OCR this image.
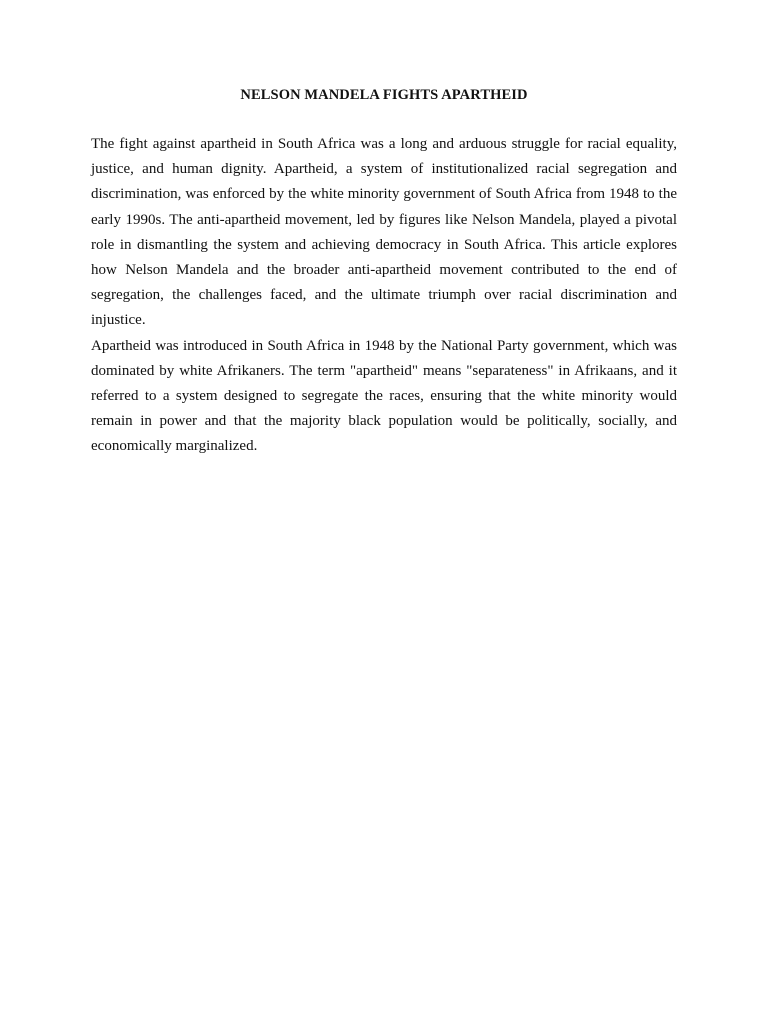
NELSON MANDELA FIGHTS APARTHEID

The fight against apartheid in South Africa was a long and arduous struggle for racial equality, justice, and human dignity. Apartheid, a system of institutionalized racial segregation and discrimination, was enforced by the white minority government of South Africa from 1948 to the early 1990s. The anti-apartheid movement, led by figures like Nelson Mandela, played a pivotal role in dismantling the system and achieving democracy in South Africa. This article explores how Nelson Mandela and the broader anti-apartheid movement contributed to the end of segregation, the challenges faced, and the ultimate triumph over racial discrimination and injustice.

Apartheid was introduced in South Africa in 1948 by the National Party government, which was dominated by white Afrikaners. The term "apartheid" means "separateness" in Afrikaans, and it referred to a system designed to segregate the races, ensuring that the white minority would remain in power and that the majority black population would be politically, socially, and economically marginalized.
